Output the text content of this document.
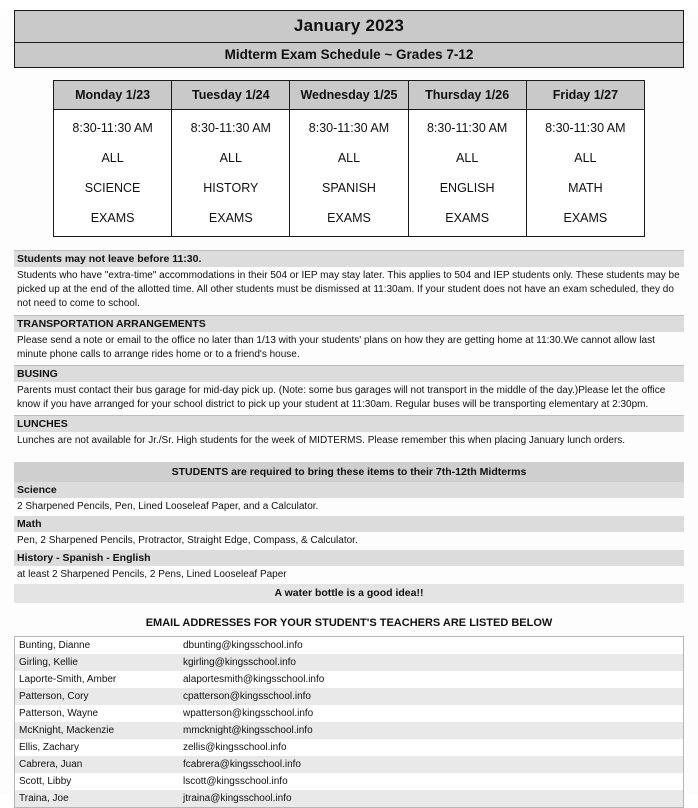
January 2023
Midterm Exam Schedule ~ Grades 7-12
Monday 1/23	Tuesday 1/24	Wednesday 1/25	Thursday 1/26	Friday 1/27
8:30-11:30 AM	8:30-11:30 AM	8:30-11:30 AM	8:30-11:30 AM	8:30-11:30 AM
ALL	ALL	ALL	ALL	ALL
SCIENCE	HISTORY	SPANISH	ENGLISH	MATH
EXAMS	EXAMS	EXAMS	EXAMS	EXAMS
Students may not leave before 11:30.
Students who have "extra-time" accommodations in their 504 or IEP may stay later. This applies to 504 and IEP students only. These students may be picked up at the end of the allotted time. All other students must be dismissed at 11:30am. If your student does not have an exam scheduled, they do not need to come to school.
TRANSPORTATION ARRANGEMENTS
Please send a note or email to the office no later than 1/13 with your students' plans on how they are getting home at 11:30.We cannot allow last minute phone calls to arrange rides home or to a friend's house.
BUSING
Parents must contact their bus garage for mid-day pick up. (Note: some bus garages will not transport in the middle of the day.)Please let the office know if you have arranged for your school district to pick up your student at 11:30am. Regular buses will be transporting elementary at 2:30pm.
LUNCHES
Lunches are not available for Jr./Sr. High students for the week of MIDTERMS. Please remember this when placing January lunch orders.
STUDENTS are required to bring these items to their 7th-12th Midterms
Science
2 Sharpened Pencils, Pen, Lined Looseleaf Paper, and a Calculator.
Math
Pen, 2 Sharpened Pencils, Protractor, Straight Edge, Compass, & Calculator.
History - Spanish - English
at least 2 Sharpened Pencils, 2 Pens, Lined Looseleaf Paper
A water bottle is a good idea!!
EMAIL ADDRESSES FOR YOUR STUDENT'S TEACHERS ARE LISTED BELOW
Bunting, Dianne	dbunting@kingsschool.info
Girling, Kellie	kgirling@kingsschool.info
Laporte-Smith, Amber	alaportesmith@kingsschool.info
Patterson, Cory	cpatterson@kingsschool.info
Patterson, Wayne	wpatterson@kingsschool.info
McKnight, Mackenzie	mmcknight@kingsschool.info
Ellis, Zachary	zellis@kingsschool.info
Cabrera, Juan	fcabrera@kingsschool.info
Scott, Libby	lscott@kingsschool.info
Traina, Joe	jtraina@kingsschool.info
